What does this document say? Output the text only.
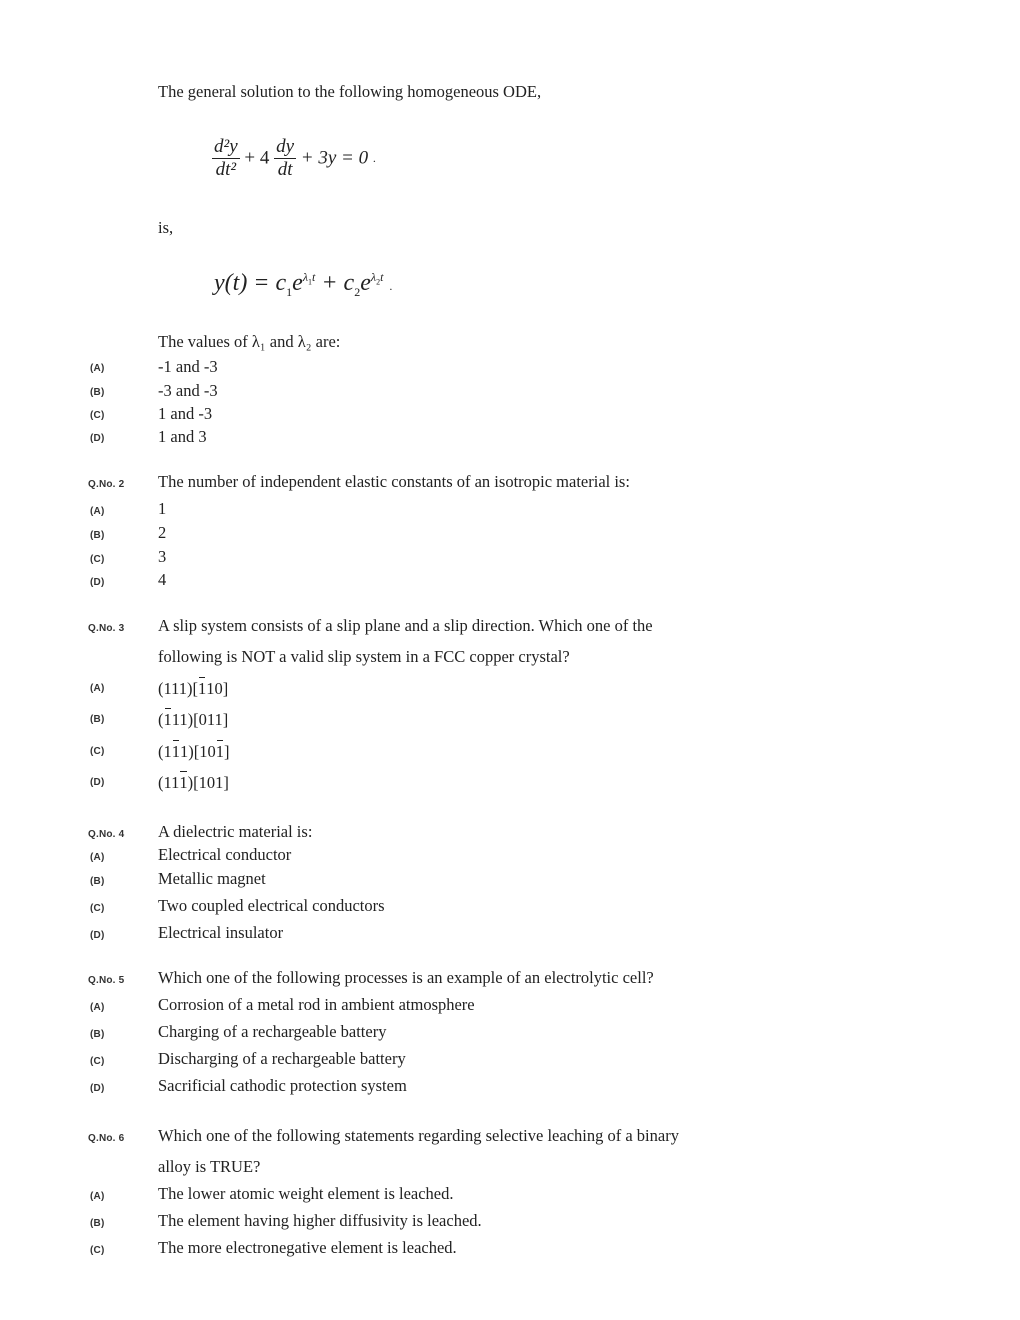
The general solution to the following homogeneous ODE,
$\frac{\text{d²y}}{\text{dt²}} + 4 \frac{dy}{dt} + 3y = 0$ .
is,
$y(t) = c_1e^{\lambda_1t} + c_2e^{\lambda_2t}$ .
The values of λ₁ and λ₂ are:
(A)	-1 and -3
(B)	-3 and -3
(C)	1 and -3
(D)	1 and 3
Q.No. 2 The number of independent elastic constants of an isotropic material is:
(A)	1
(B)	2
(C)	3
(D)	4
Q.No. 3 A slip system consists of a slip plane and a slip direction. Which one of the
following is NOT a valid slip system in a FCC copper crystal?
(A)	(111)[110]
(B)	(111)[011]
(C)	(111)[101]
(D)	(111)[101]
Q.No. 4 A dielectric material is:
(A)	Electrical conductor
(B)	Metallic magnet
(C)	Two coupled electrical conductors
(D)	Electrical insulator
Q.No. 5 Which one of the following processes is an example of an electrolytic cell?
(A)	Corrosion of a metal rod in ambient atmosphere
(B)	Charging of a rechargeable battery
(C)	Discharging of a rechargeable battery
(D)	Sacrificial cathodic protection system
Q.No. 6 Which one of the following statements regarding selective leaching of a binary
alloy is TRUE?
(A)	The lower atomic weight element is leached.
(B)	The element having higher diffusivity is leached.
(C)	The more electronegative element is leached.
